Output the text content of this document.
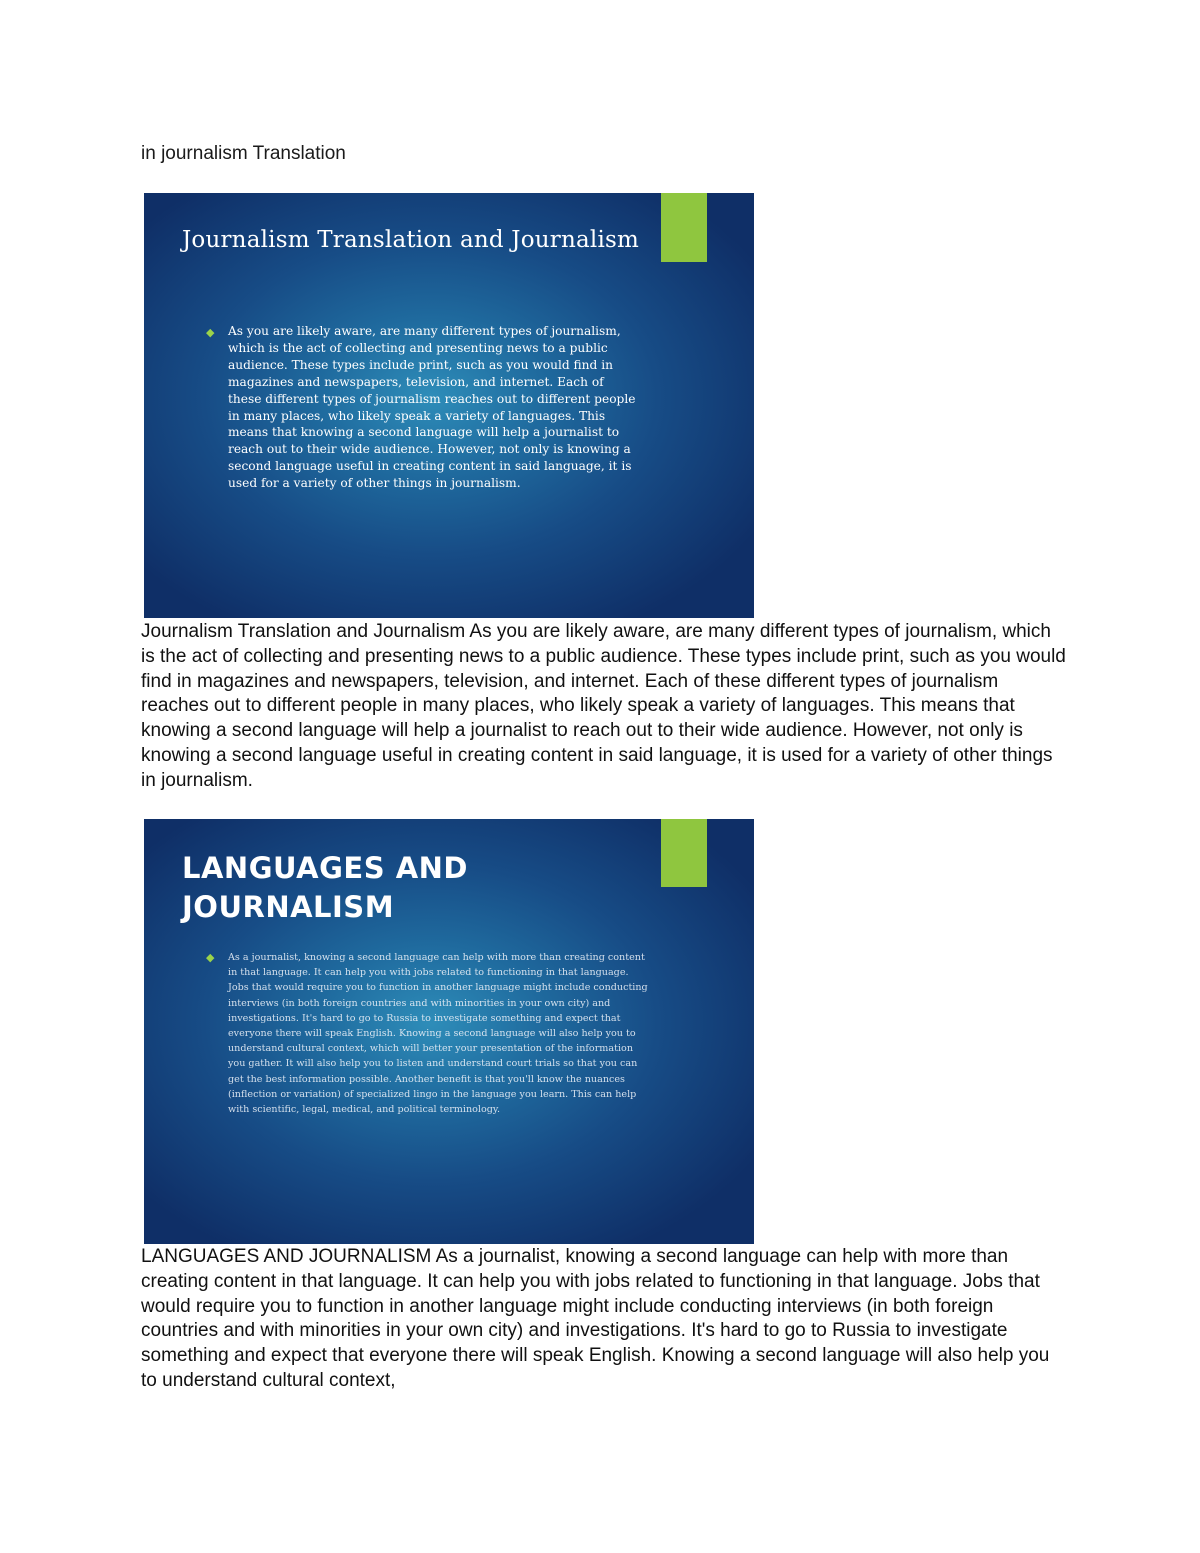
in journalism Translation
Journalism Translation and Journalism
◆ As you are likely aware, are many different types of journalism, which is the act of collecting and presenting news to a public audience. These types include print, such as you would find in magazines and newspapers, television, and internet. Each of these different types of journalism reaches out to different people in many places, who likely speak a variety of languages. This means that knowing a second language will help a journalist to reach out to their wide audience. However, not only is knowing a second language useful in creating content in said language, it is used for a variety of other things in journalism.
Journalism Translation and Journalism As you are likely aware, are many different types of journalism, which is the act of collecting and presenting news to a public audience. These types include print, such as you would find in magazines and newspapers, television, and internet. Each of these different types of journalism reaches out to different people in many places, who likely speak a variety of languages. This means that knowing a second language will help a journalist to reach out to their wide audience. However, not only is knowing a second language useful in creating content in said language, it is used for a variety of other things in journalism.
LANGUAGES AND JOURNALISM
◆ As a journalist, knowing a second language can help with more than creating content in that language. It can help you with jobs related to functioning in that language. Jobs that would require you to function in another language might include conducting interviews (in both foreign countries and with minorities in your own city) and investigations. It's hard to go to Russia to investigate something and expect that everyone there will speak English. Knowing a second language will also help you to understand cultural context, which will better your presentation of the information you gather. It will also help you to listen and understand court trials so that you can get the best information possible. Another benefit is that you'll know the nuances (inflection or variation) of specialized lingo in the language you learn. This can help with scientific, legal, medical, and political terminology.
LANGUAGES AND JOURNALISM As a journalist, knowing a second language can help with more than creating content in that language. It can help you with jobs related to functioning in that language. Jobs that would require you to function in another language might include conducting interviews (in both foreign countries and with minorities in your own city) and investigations. It's hard to go to Russia to investigate something and expect that everyone there will speak English. Knowing a second language will also help you to understand cultural context,
